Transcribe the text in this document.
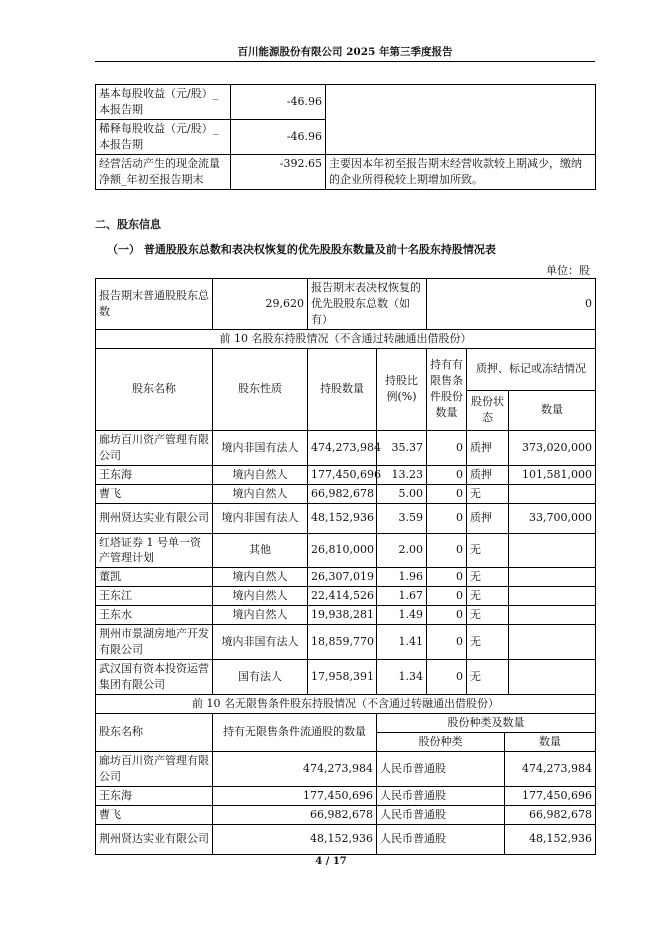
百川能源股份有限公司 2025 年第三季度报告
基本每股收益（元/股）_本报告期	-46.96	
稀释每股收益（元/股）_本报告期	-46.96	
经营活动产生的现金流量净额_年初至报告期末	-392.65	主要因本年初至报告期末经营收款较上期减少，缴纳的企业所得税较上期增加所致。
二、股东信息
（一） 普通股股东总数和表决权恢复的优先股股东数量及前十名股东持股情况表
单位：股
报告期末普通股股东总数	29,620	报告期末表决权恢复的优先股股东总数（如有）		0			
前 10 名股东持股情况（不含通过转融通出借股份）							
股东名称	股东性质	持股数量	持股比例(%)	持有有限售条件股份数量	质押、标记或冻结情况		
					股份状态		数量
廊坊百川资产管理有限公司	境内非国有法人	474,273,984	35.37	0	质押		373,020,000
王东海	境内自然人	177,450,696	13.23	0	质押		101,581,000
曹飞	境内自然人	66,982,678	5.00	0	无		
荆州贤达实业有限公司	境内非国有法人	48,152,936	3.59	0	质押		33,700,000
红塔证券 1 号单一资产管理计划	其他	26,810,000	2.00	0	无		
董凯	境内自然人	26,307,019	1.96	0	无		
王东江	境内自然人	22,414,526	1.67	0	无		
王东水	境内自然人	19,938,281	1.49	0	无		
荆州市景湖房地产开发有限公司	境内非国有法人	18,859,770	1.41	0	无		
武汉国有资本投资运营集团有限公司	国有法人	17,958,391	1.34	0	无		
前 10 名无限售条件股东持股情况（不含通过转融通出借股份）							
股东名称	持有无限售条件流通股的数量		股份种类及数量				
			股份种类			数量	
廊坊百川资产管理有限公司	474,273,984		人民币普通股			474,273,984	
王东海	177,450,696		人民币普通股			177,450,696	
曹飞	66,982,678		人民币普通股			66,982,678	
荆州贤达实业有限公司	48,152,936		人民币普通股			48,152,936	
4 / 17
